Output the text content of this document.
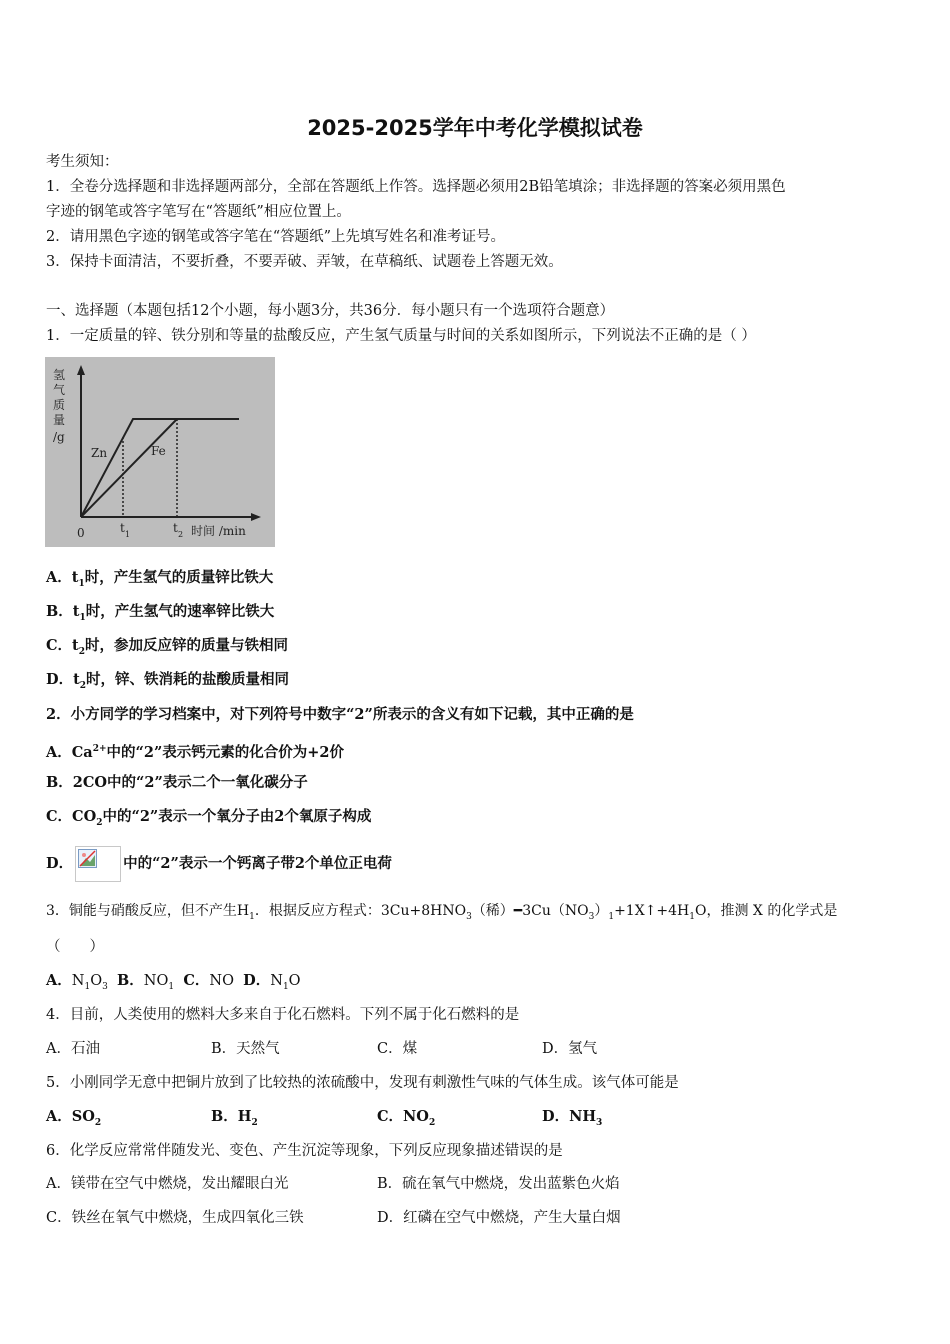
2025-2025学年中考化学模拟试卷
考生须知：
1．全卷分选择题和非选择题两部分，全部在答题纸上作答。选择题必须用2B铅笔填涂；非选择题的答案必须用黑色
字迹的钢笔或答字笔写在“答题纸”相应位置上。
2．请用黑色字迹的钢笔或答字笔在“答题纸”上先填写姓名和准考证号。
3．保持卡面清洁，不要折叠，不要弄破、弄皱，在草稿纸、试题卷上答题无效。
一、选择题（本题包括12个小题，每小题3分，共36分．每小题只有一个选项符合题意）
1．一定质量的锌、铁分别和等量的盐酸反应，产生氢气质量与时间的关系如图所示，下列说法不正确的是（ ）
氢
气
质
量
/g
Zn	Fe
0	t 1	t 2 时间 /min
A．$t_1$时，产生氢气的质量锌比铁大
B．$t_1$时，产生氢气的速率锌比铁大
C．$t_2$时，参加反应锌的质量与铁相同
D．$t_2$时，锌、铁消耗的盐酸质量相同
2．小方同学的学习档案中，对下列符号中数字“2”所表示的含义有如下记载，其中正确的是
A．$Ca^{2+}$中的“2”表示钙元素的化合价为+2价
B．2CO中的“2”表示二个一氧化碳分子
C．$CO_2$中的“2”表示一个氧分子由2个氧原子构成
D．	中的“2”表示一个钙离子带2个单位正电荷
3．铜能与硝酸反应，但不产生$H_1$．根据反应方程式：$3Cu+8HNO_3$（稀）$━3Cu(NO_3)_1+1X↑+4H_1O$，推测 X 的化学式是
（　　）
A．$N_1O_3$ B．$NO_1$ C．NO D．$N_1O$
4．目前，人类使用的燃料大多来自于化石燃料。下列不属于化石燃料的是
A．石油	B．天然气	C．煤	D．氢气
5．小刚同学无意中把铜片放到了比较热的浓硫酸中，发现有刺激性气味的气体生成。该气体可能是
A．$SO_2$	B．$H_2$	C．$NO_2$	D．$NH_3$
6．化学反应常常伴随发光、变色、产生沉淀等现象，下列反应现象描述错误的是
A．镁带在空气中燃烧，发出耀眼白光	B．硫在氧气中燃烧，发出蓝紫色火焰
C．铁丝在氧气中燃烧，生成四氧化三铁	D．红磷在空气中燃烧，产生大量白烟
